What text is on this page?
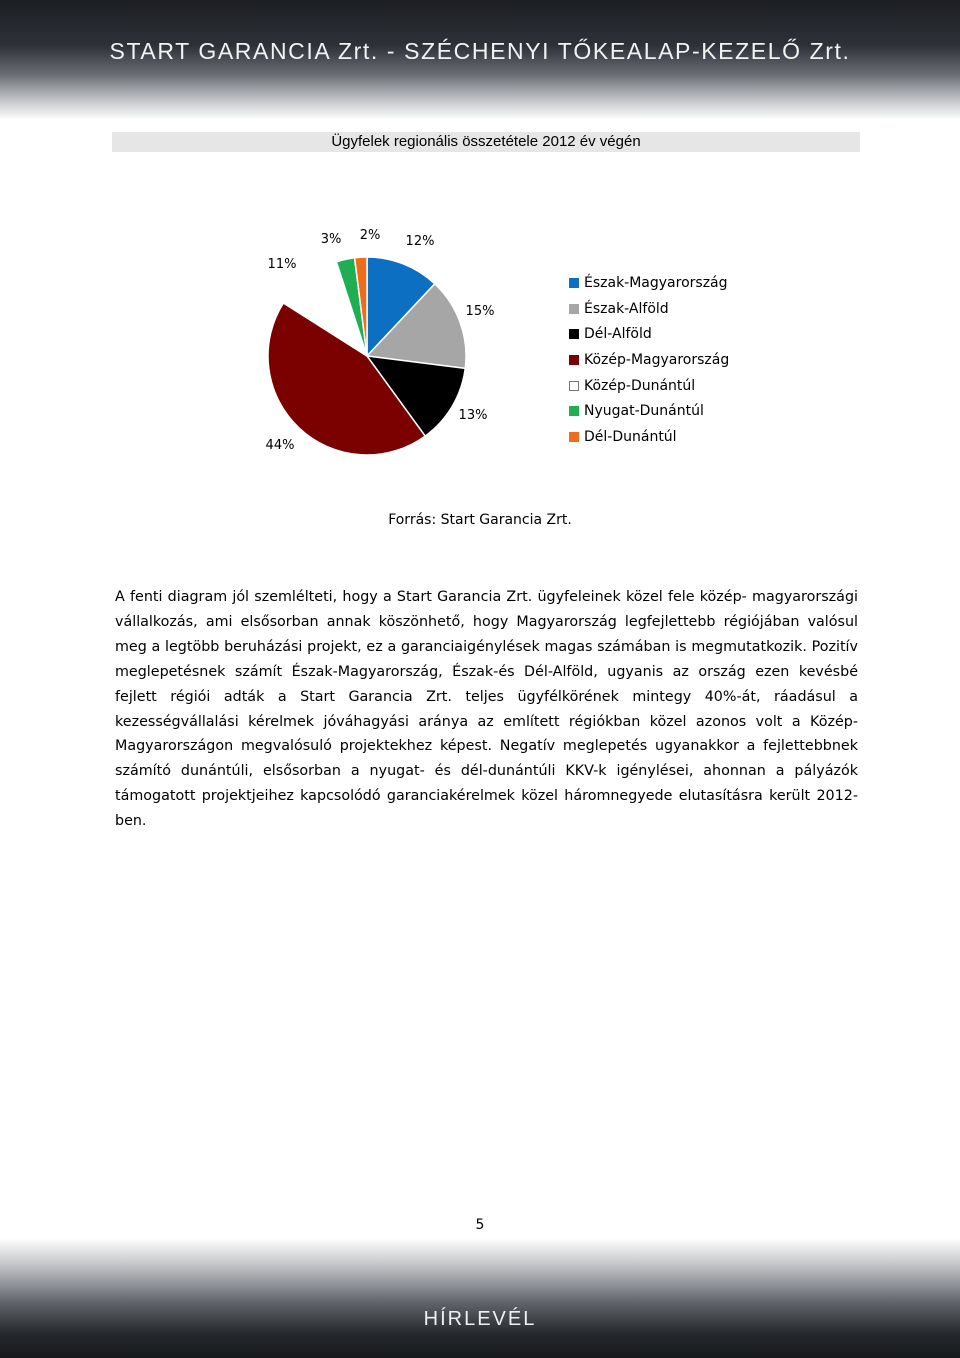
START GARANCIA Zrt. - SZÉCHENYI TŐKEALAP-KEZELŐ Zrt.
Ügyfelek regionális összetétele 2012 év végén
12%
15%
13%
44%
11%
3% 2%
Észak-Magyarország
Észak-Alföld
Dél-Alföld
Közép-Magyarország
Közép-Dunántúl
Nyugat-Dunántúl
Dél-Dunántúl
Forrás: Start Garancia Zrt.
A fenti diagram jól szemlélteti, hogy a Start Garancia Zrt. ügyfeleinek közel fele közép- magyarországi vállalkozás, ami elsősorban annak köszönhető, hogy Magyarország legfejlettebb régiójában valósul meg a legtöbb beruházási projekt, ez a garanciaigénylések magas számában is megmutatkozik. Pozitív meglepetésnek számít Észak-Magyarország, Észak-és Dél-Alföld, ugyanis az ország ezen kevésbé fejlett régiói adták a Start Garancia Zrt. teljes ügyfélkörének mintegy 40%-át, ráadásul a kezességvállalási kérelmek jóváhagyási aránya az említett régiókban közel azonos volt a Közép-Magyarországon megvalósuló projektekhez képest. Negatív meglepetés ugyanakkor a fejlettebbnek számító dunántúli, elsősorban a nyugat- és dél-dunántúli KKV-k igénylései, ahonnan a pályázók támogatott projektjeihez kapcsolódó garanciakérelmek közel háromnegyede elutasításra került 2012-ben.
5
HÍRLEVÉL
